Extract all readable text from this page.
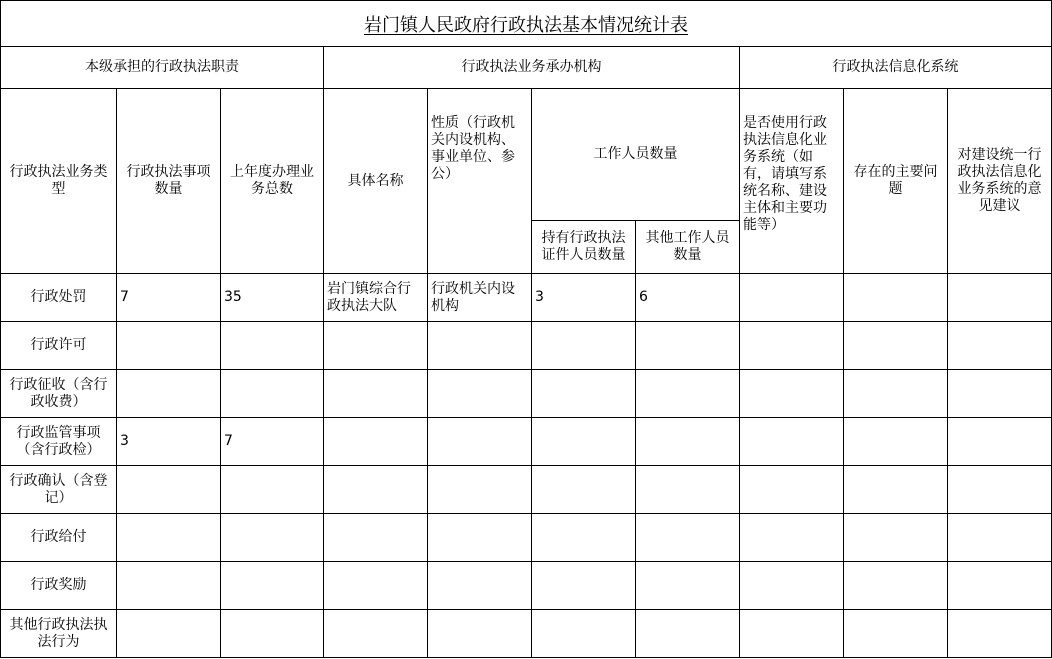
岩门镇人民政府行政执法基本情况统计表
本级承担的行政执法职责			行政执法业务承办机构				行政执法信息化系统		
行政执法业务类型	行政执法事项数量	上年度办理业务总数	具体名称	性质（行政机关内设机构、事业单位、参公）	工作人员数量		是否使用行政执法信息化业务系统（如有，请填写系统名称、建设主体和主要功能等）	存在的主要问题	对建设统一行政执法信息化业务系统的意见建议
					持有行政执法证件人员数量	其他工作人员数量			
行政处罚	7	35	岩门镇综合行政执法大队	行政机关内设机构	3	6			
行政许可									
行政征收（含行政收费）									
行政监管事项（含行政检）	3	7							
行政确认（含登记）									
行政给付									
行政奖励									
其他行政执法执法行为									
